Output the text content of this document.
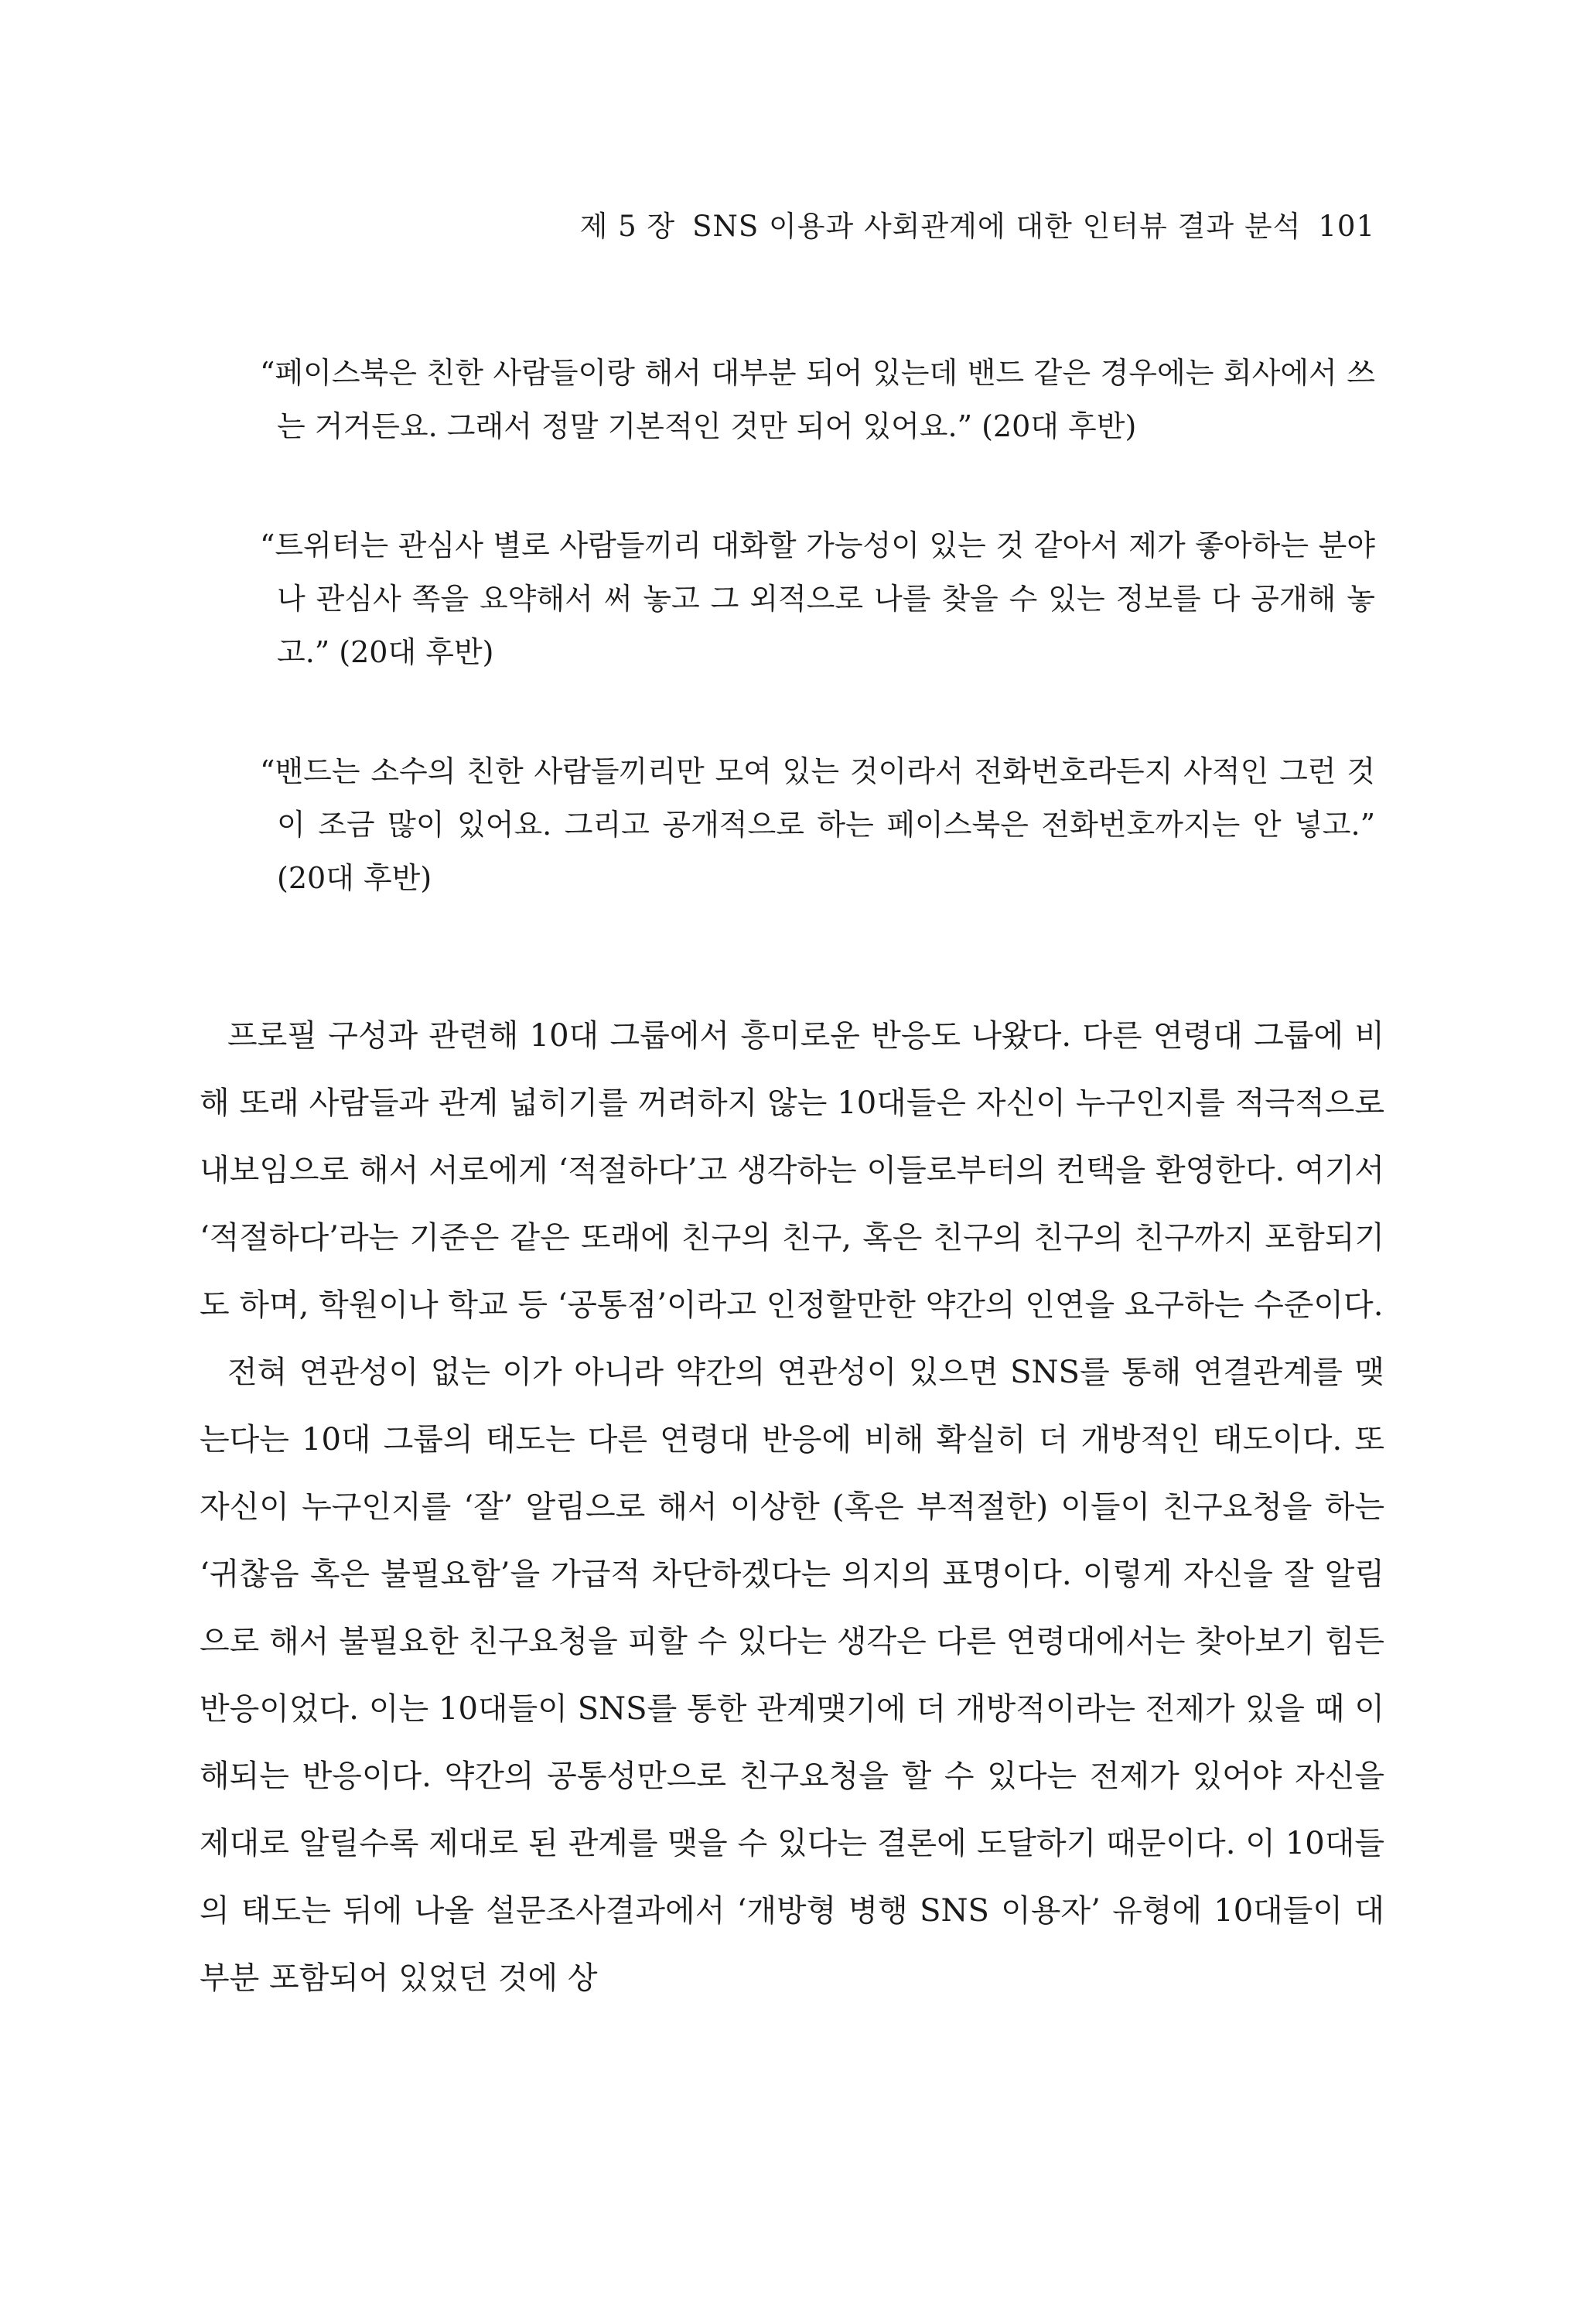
제 5 장 SNS 이용과 사회관계에 대한 인터뷰 결과 분석 101
“페이스북은 친한 사람들이랑 해서 대부분 되어 있는데 밴드 같은 경우에는 회사에서 쓰는 거거든요. 그래서 정말 기본적인 것만 되어 있어요.” (20대 후반)
“트위터는 관심사 별로 사람들끼리 대화할 가능성이 있는 것 같아서 제가 좋아하는 분야나 관심사 쪽을 요약해서 써 놓고 그 외적으로 나를 찾을 수 있는 정보를 다 공개해 놓고.” (20대 후반)
“밴드는 소수의 친한 사람들끼리만 모여 있는 것이라서 전화번호라든지 사적인 그런 것이 조금 많이 있어요. 그리고 공개적으로 하는 페이스북은 전화번호까지는 안 넣고.” (20대 후반)

프로필 구성과 관련해 10대 그룹에서 흥미로운 반응도 나왔다. 다른 연령대 그룹에 비해 또래 사람들과 관계 넓히기를 꺼려하지 않는 10대들은 자신이 누구인지를 적극적으로 내보임으로 해서 서로에게 ‘적절하다’고 생각하는 이들로부터의 컨택을 환영한다. 여기서 ‘적절하다’라는 기준은 같은 또래에 친구의 친구, 혹은 친구의 친구의 친구까지 포함되기도 하며, 학원이나 학교 등 ‘공통점’이라고 인정할만한 약간의 인연을 요구하는 수준이다.

전혀 연관성이 없는 이가 아니라 약간의 연관성이 있으면 SNS를 통해 연결관계를 맺는다는 10대 그룹의 태도는 다른 연령대 반응에 비해 확실히 더 개방적인 태도이다. 또 자신이 누구인지를 ‘잘’ 알림으로 해서 이상한 (혹은 부적절한) 이들이 친구요청을 하는 ‘귀찮음 혹은 불필요함’을 가급적 차단하겠다는 의지의 표명이다. 이렇게 자신을 잘 알림으로 해서 불필요한 친구요청을 피할 수 있다는 생각은 다른 연령대에서는 찾아보기 힘든 반응이었다. 이는 10대들이 SNS를 통한 관계맺기에 더 개방적이라는 전제가 있을 때 이해되는 반응이다. 약간의 공통성만으로 친구요청을 할 수 있다는 전제가 있어야 자신을 제대로 알릴수록 제대로 된 관계를 맺을 수 있다는 결론에 도달하기 때문이다. 이 10대들의 태도는 뒤에 나올 설문조사결과에서 ‘개방형 병행 SNS 이용자’ 유형에 10대들이 대부분 포함되어 있었던 것에 상
